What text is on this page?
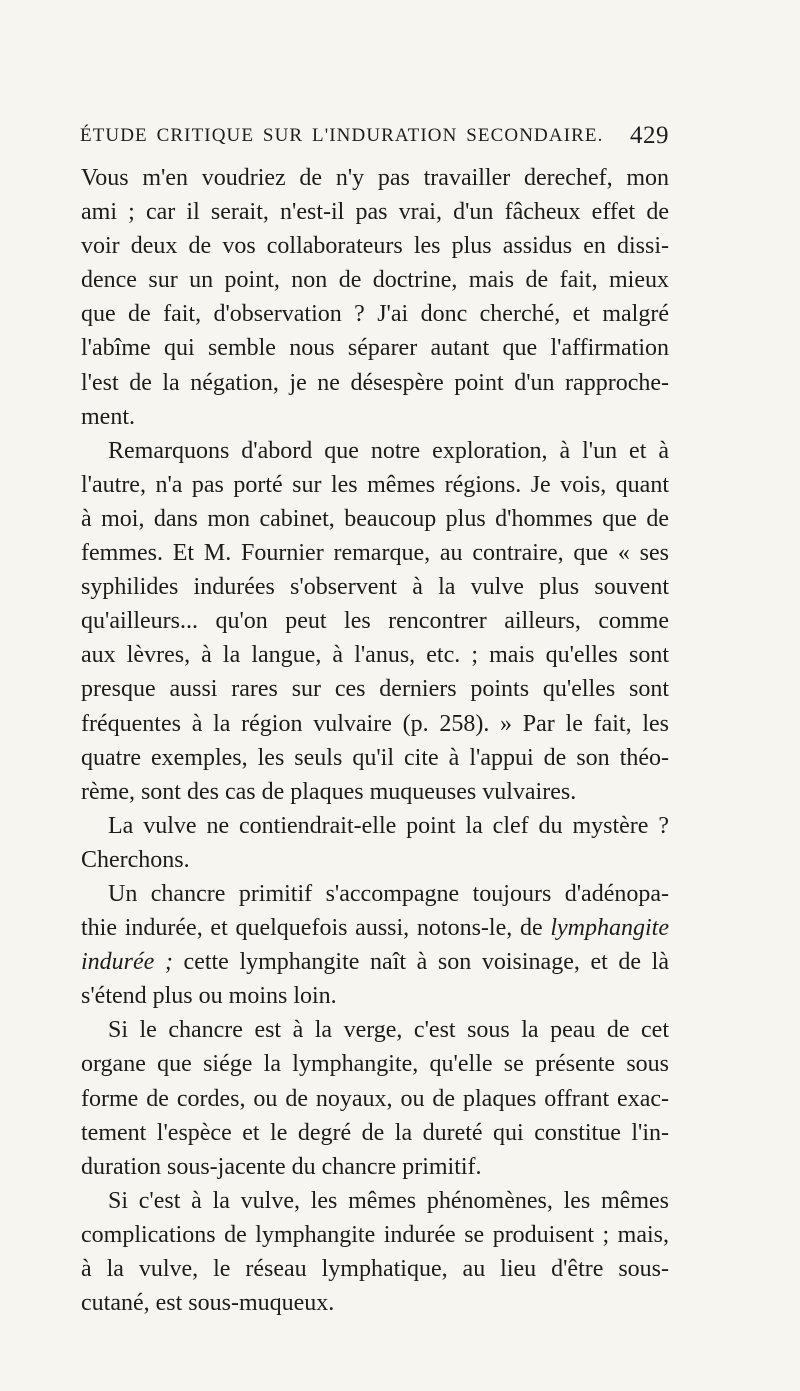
ÉTUDE CRITIQUE SUR L'INDURATION SECONDAIRE. 429
Vous m'en voudriez de n'y pas travailler derechef, mon
ami ; car il serait, n'est-il pas vrai, d'un fâcheux effet de
voir deux de vos collaborateurs les plus assidus en dissi-
dence sur un point, non de doctrine, mais de fait, mieux
que de fait, d'observation ? J'ai donc cherché, et malgré
l'abîme qui semble nous séparer autant que l'affirmation
l'est de la négation, je ne désespère point d'un rapproche-
ment.
Remarquons d'abord que notre exploration, à l'un et à
l'autre, n'a pas porté sur les mêmes régions. Je vois, quant
à moi, dans mon cabinet, beaucoup plus d'hommes que de
femmes. Et M. Fournier remarque, au contraire, que « ses
syphilides indurées s'observent à la vulve plus souvent
qu'ailleurs... qu'on peut les rencontrer ailleurs, comme
aux lèvres, à la langue, à l'anus, etc. ; mais qu'elles sont
presque aussi rares sur ces derniers points qu'elles sont
fréquentes à la région vulvaire (p. 258). » Par le fait, les
quatre exemples, les seuls qu'il cite à l'appui de son théo-
rème, sont des cas de plaques muqueuses vulvaires.
La vulve ne contiendrait-elle point la clef du mystère ?
Cherchons.
Un chancre primitif s'accompagne toujours d'adénopa-
thie indurée, et quelquefois aussi, notons-le, de lymphangite
indurée ; cette lymphangite naît à son voisinage, et de là
s'étend plus ou moins loin.
Si le chancre est à la verge, c'est sous la peau de cet
organe que siége la lymphangite, qu'elle se présente sous
forme de cordes, ou de noyaux, ou de plaques offrant exac-
tement l'espèce et le degré de la dureté qui constitue l'in-
duration sous-jacente du chancre primitif.
Si c'est à la vulve, les mêmes phénomènes, les mêmes
complications de lymphangite indurée se produisent ; mais,
à la vulve, le réseau lymphatique, au lieu d'être sous-
cutané, est sous-muqueux.
